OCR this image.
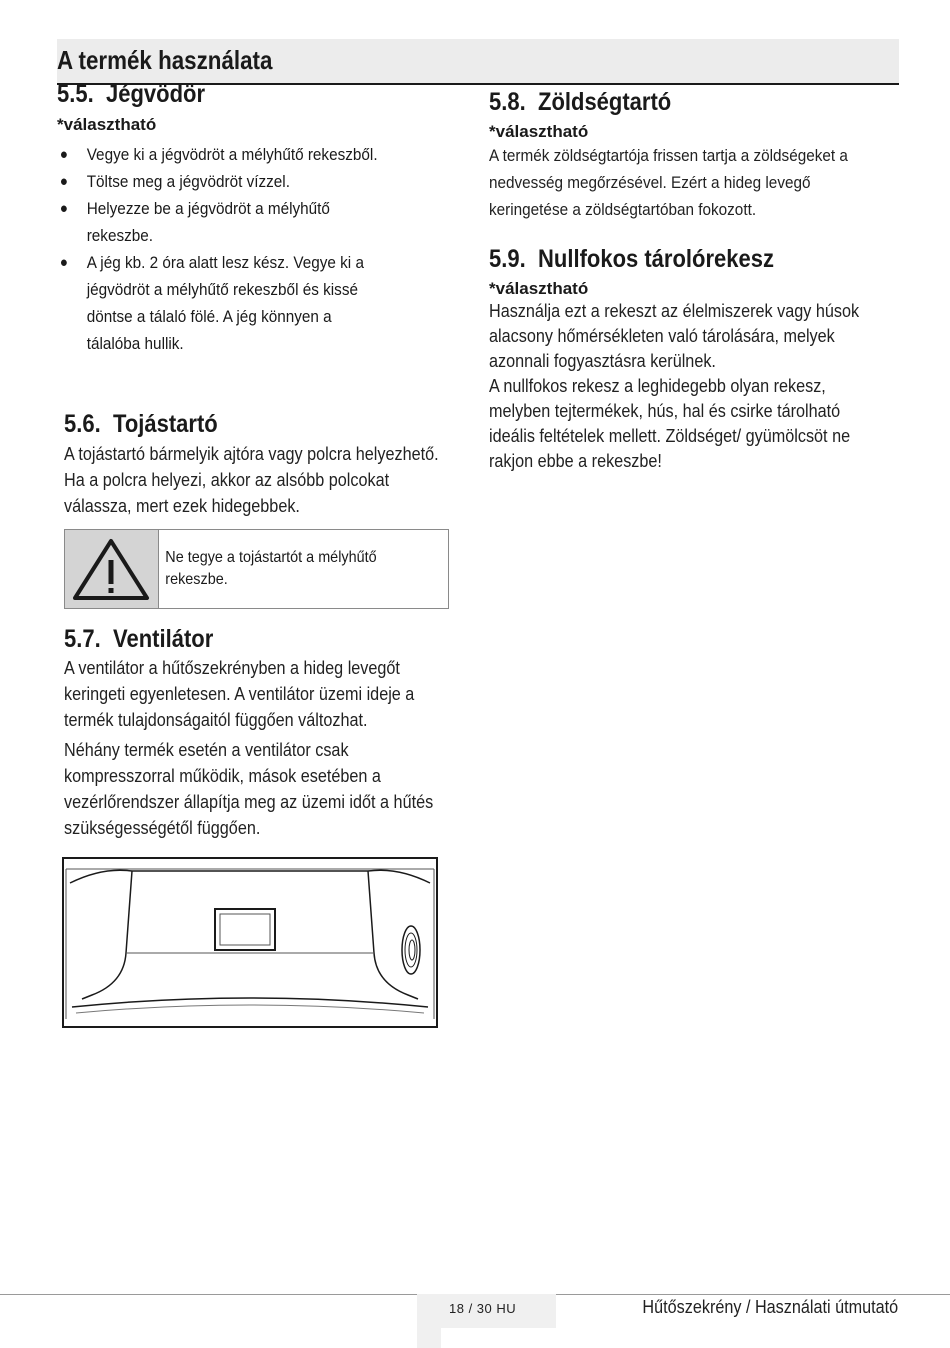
A termék használata
5.5. Jégvödör
*választható
● Vegye ki a jégvödröt a mélyhűtő rekeszből.
● Töltse meg a jégvödröt vízzel.
● Helyezze be a jégvödröt a mélyhűtő rekeszbe.
● A jég kb. 2 óra alatt lesz kész. Vegye ki a jégvödröt a mélyhűtő rekeszből és kissé döntse a tálaló fölé. A jég könnyen a tálalóba hullik.
5.6. Tojástartó
A tojástartó bármelyik ajtóra vagy polcra helyezhető. Ha a polcra helyezi, akkor az alsóbb polcokat válassza, mert ezek hidegebbek.
Ne tegye a tojástartót a mélyhűtő rekeszbe.
5.7. Ventilátor
A ventilátor a hűtőszekrényben a hideg levegőt keringeti egyenletesen. A ventilátor üzemi ideje a termék tulajdonságaitól függően változhat.
Néhány termék esetén a ventilátor csak kompresszorral működik, mások esetében a vezérlőrendszer állapítja meg az üzemi időt a hűtés szükségességétől függően.
5.8. Zöldségtartó
*választható
A termék zöldségtartója frissen tartja a zöldségeket a nedvesség megőrzésével. Ezért a hideg levegő keringetése a zöldségtartóban fokozott.
5.9. Nullfokos tárolórekesz
*választható
Használja ezt a rekeszt az élelmiszerek vagy húsok alacsony hőmérsékleten való tárolására, melyek azonnali fogyasztásra kerülnek.
A nullfokos rekesz a leghidegebb olyan rekesz, melyben tejtermékek, hús, hal és csirke tárolható ideális feltételek mellett. Zöldséget/ gyümölcsöt ne rakjon ebbe a rekeszbe!
18 / 30 HU	Hűtőszekrény / Használati útmutató
